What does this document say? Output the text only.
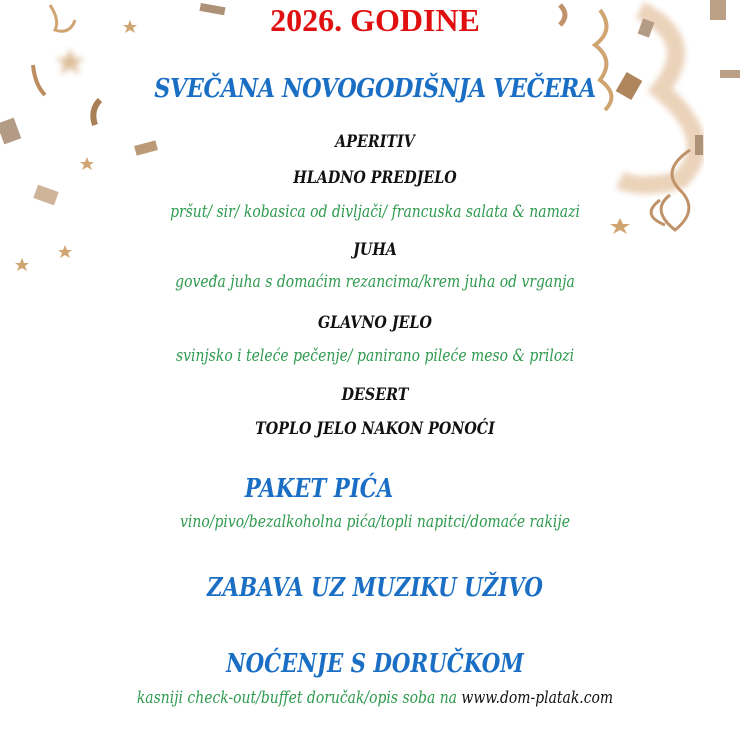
2026. GODINE
SVEČANA NOVOGODIŠNJA VEČERA
APERITIV
HLADNO PREDJELO
pršut/ sir/ kobasica od divljači/ francuska salata & namazi
JUHA
goveđa juha s domaćim rezancima/krem juha od vrganja
GLAVNO JELO
svinjsko i teleće pečenje/ panirano pileće meso & prilozi
DESERT
TOPLO JELO NAKON PONOĆI
PAKET PIĆA
vino/pivo/bezalkoholna pića/topli napitci/domaće rakije
ZABAVA UZ MUZIKU UŽIVO
NOĆENJE S DORUČKOM
kasniji check-out/buffet doručak/opis soba na www.dom-platak.com
